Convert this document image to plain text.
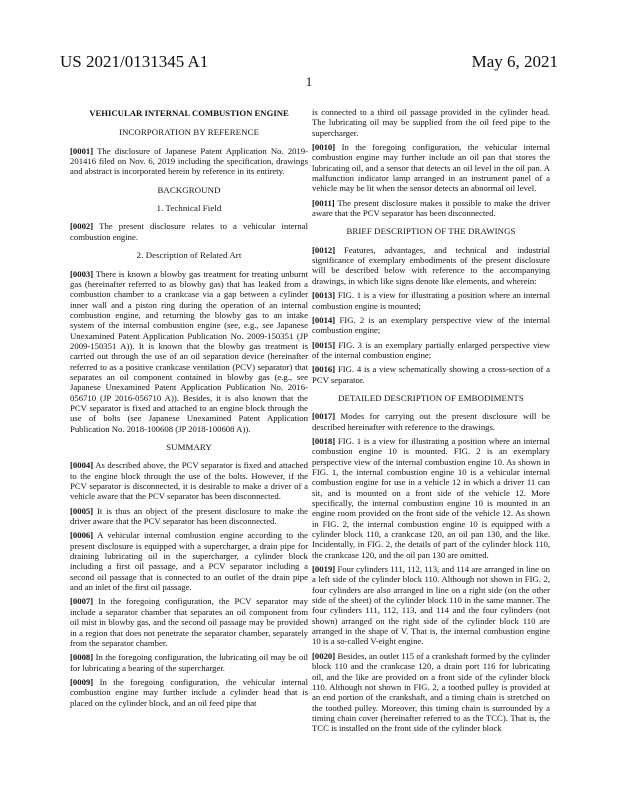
US 2021/0131345 A1	May 6, 2021
1
VEHICULAR INTERNAL COMBUSTION ENGINE
INCORPORATION BY REFERENCE

[0001] The disclosure of Japanese Patent Application No. 2019-201416 filed on Nov. 6, 2019 including the specification, drawings and abstract is incorporated herein by reference in its entirety.

BACKGROUND
1. Technical Field

[0002] The present disclosure relates to a vehicular internal combustion engine.

2. Description of Related Art

[0003] There is known a blowby gas treatment for treating unburnt gas (hereinafter referred to as blowby gas) that has leaked from a combustion chamber to a crankcase via a gap between a cylinder inner wall and a piston ring during the operation of an internal combustion engine, and returning the blowby gas to an intake system of the internal combustion engine (see, e.g., see Japanese Unexamined Patent Application Publication No. 2009-150351 (JP 2009-150351 A)). It is known that the blowby gas treatment is carried out through the use of an oil separation device (hereinafter referred to as a positive crankcase ventilation (PCV) separator) that separates an oil component contained in blowby gas (e.g., see Japanese Unexamined Patent Application Publication No. 2016-056710 (JP 2016-056710 A)). Besides, it is also known that the PCV separator is fixed and attached to an engine block through the use of bolts (see Japanese Unexamined Patent Application Publication No. 2018-100608 (JP 2018-100608 A)).

SUMMARY

[0004] As described above, the PCV separator is fixed and attached to the engine block through the use of the bolts. However, if the PCV separator is disconnected, it is desirable to make a driver of a vehicle aware that the PCV separator has been disconnected.

[0005] It is thus an object of the present disclosure to make the driver aware that the PCV separator has been disconnected.

[0006] A vehicular internal combustion engine according to the present disclosure is equipped with a supercharger, a drain pipe for draining lubricating oil in the supercharger, a cylinder block including a first oil passage, and a PCV separator including a second oil passage that is connected to an outlet of the drain pipe and an inlet of the first oil passage.

[0007] In the foregoing configuration, the PCV separator may include a separator chamber that separates an oil component from oil mist in blowby gas, and the second oil passage may be provided in a region that does not penetrate the separator chamber, separately from the separator chamber.

[0008] In the foregoing configuration, the lubricating oil may be oil for lubricating a bearing of the supercharger.

[0009] In the foregoing configuration, the vehicular internal combustion engine may further include a cylinder head that is placed on the cylinder block, and an oil feed pipe that

is connected to a third oil passage provided in the cylinder head. The lubricating oil may be supplied from the oil feed pipe to the supercharger.

[0010] In the foregoing configuration, the vehicular internal combustion engine may further include an oil pan that stores the lubricating oil, and a sensor that detects an oil level in the oil pan. A malfunction indicator lamp arranged in an instrument panel of a vehicle may be lit when the sensor detects an abnormal oil level.

[0011] The present disclosure makes it possible to make the driver aware that the PCV separator has been disconnected.

BRIEF DESCRIPTION OF THE DRAWINGS

[0012] Features, advantages, and technical and industrial significance of exemplary embodiments of the present disclosure will be described below with reference to the accompanying drawings, in which like signs denote like elements, and wherein:

[0013] FIG. 1 is a view for illustrating a position where an internal combustion engine is mounted;

[0014] FIG. 2 is an exemplary perspective view of the internal combustion engine;

[0015] FIG. 3 is an exemplary partially enlarged perspective view of the internal combustion engine;

[0016] FIG. 4 is a view schematically showing a cross-section of a PCV separator.

DETAILED DESCRIPTION OF EMBODIMENTS

[0017] Modes for carrying out the present disclosure will be described hereinafter with reference to the drawings.

[0018] FIG. 1 is a view for illustrating a position where an internal combustion engine 10 is mounted. FIG. 2 is an exemplary perspective view of the internal combustion engine 10. As shown in FIG. 1, the internal combustion engine 10 is a vehicular internal combustion engine for use in a vehicle 12 in which a driver 11 can sit, and is mounted on a front side of the vehicle 12. More specifically, the internal combustion engine 10 is mounted in an engine room provided on the front side of the vehicle 12. As shown in FIG. 2, the internal combustion engine 10 is equipped with a cylinder block 110, a crankcase 120, an oil pan 130, and the like. Incidentally, in FIG. 2, the details of part of the cylinder block 110, the crankcase 120, and the oil pan 130 are omitted.

[0019] Four cylinders 111, 112, 113, and 114 are arranged in line on a left side of the cylinder block 110. Although not shown in FIG. 2, four cylinders are also arranged in line on a right side (on the other side of the sheet) of the cylinder block 110 in the same manner. The four cylinders 111, 112, 113, and 114 and the four cylinders (not shown) arranged on the right side of the cylinder block 110 are arranged in the shape of V. That is, the internal combustion engine 10 is a so-called V-eight engine.

[0020] Besides, an outlet 115 of a crankshaft formed by the cylinder block 110 and the crankcase 120, a drain port 116 for lubricating oil, and the like are provided on a front side of the cylinder block 110. Although not shown in FIG. 2, a toothed pulley is provided at an end portion of the crankshaft, and a timing chain is stretched on the toothed pulley. Moreover, this timing chain is surrounded by a timing chain cover (hereinafter referred to as the TCC). That is, the TCC is installed on the front side of the cylinder block
